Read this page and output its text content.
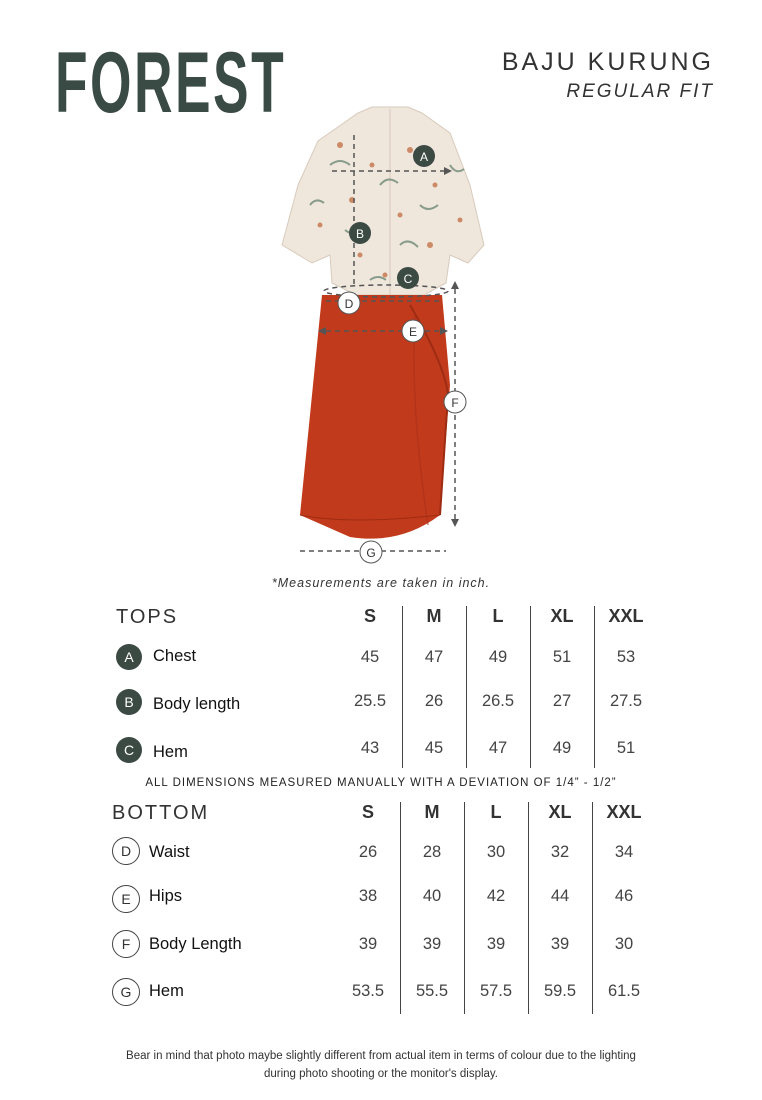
FOREST	BAJU KURUNG
REGULAR FIT
A
B
C
D
E
F
G
*Measurements are taken in inch.
TOPS	S	M	L	XL	XXL
A	Chest	45	47	49	51	53
B	Body length	25.5	26	26.5	27	27.5
C	Hem	43	45	47	49	51
ALL DIMENSIONS MEASURED MANUALLY WITH A DEVIATION OF 1/4” - 1/2”
BOTTOM	S	M	L	XL	XXL
D	Waist	26	28	30	32	34
E	Hips	38	40	42	44	46
F	Body Length	39	39	39	39	30
G	Hem	53.5	55.5	57.5	59.5	61.5
Bear in mind that photo maybe slightly different from actual item in terms of colour due to the lighting
during photo shooting or the monitor's display.
